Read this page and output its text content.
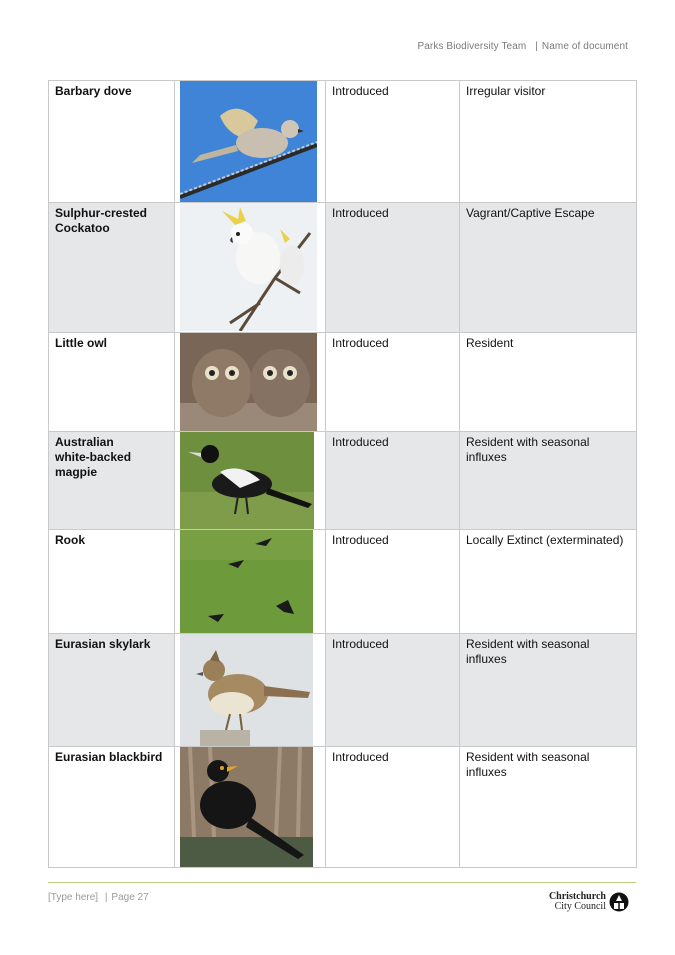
Parks Biodiversity Team | Name of document
Barbary dove		Introduced	Irregular visitor
Sulphur-crested Cockatoo		Introduced	Vagrant/Captive Escape
Little owl		Introduced	Resident
Australian
white-backed
magpie		Introduced	Resident with seasonal influxes
Rook		Introduced	Locally Extinct (exterminated)
Eurasian skylark		Introduced	Resident with seasonal influxes
Eurasian blackbird		Introduced	Resident with seasonal influxes
[Type here] | Page 27	Christchurch
City Council
